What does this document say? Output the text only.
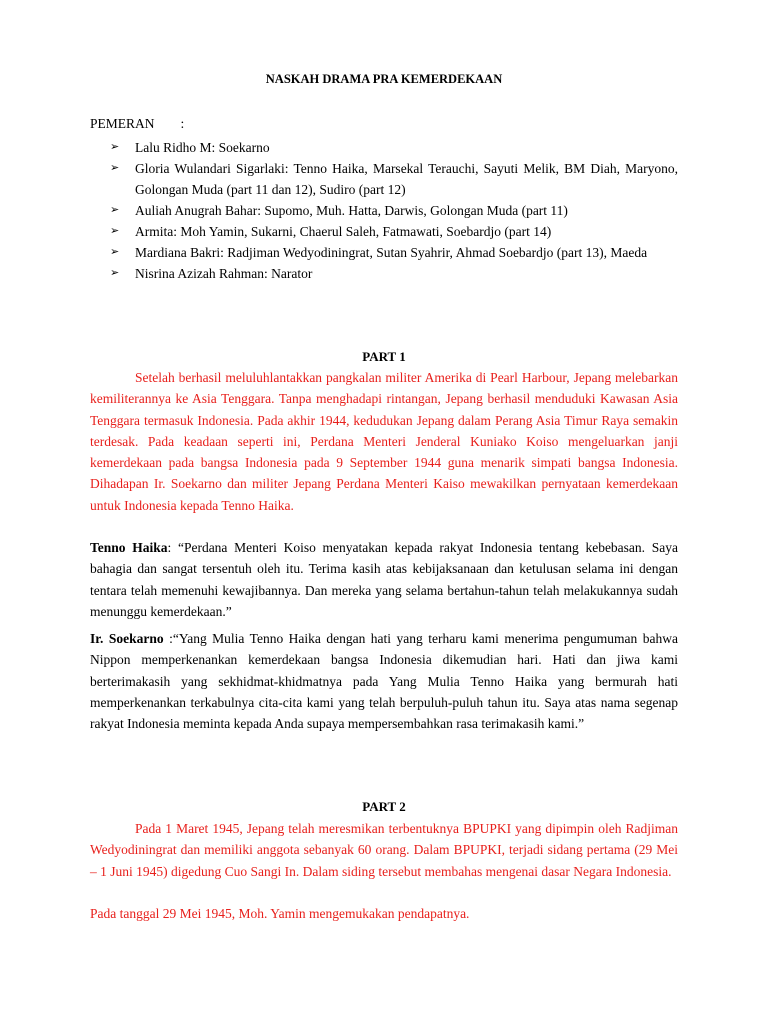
NASKAH DRAMA PRA KEMERDEKAAN
PEMERAN :
➢ Lalu Ridho M: Soekarno
➢ Gloria Wulandari Sigarlaki: Tenno Haika, Marsekal Terauchi, Sayuti Melik, BM Diah, Maryono, Golongan Muda (part 11 dan 12), Sudiro (part 12)
➢ Auliah Anugrah Bahar: Supomo, Muh. Hatta, Darwis, Golongan Muda (part 11)
➢ Armita: Moh Yamin, Sukarni, Chaerul Saleh, Fatmawati, Soebardjo (part 14)
➢ Mardiana Bakri: Radjiman Wedyodiningrat, Sutan Syahrir, Ahmad Soebardjo (part 13), Maeda
➢ Nisrina Azizah Rahman: Narator
PART 1

Setelah berhasil meluluhlantakkan pangkalan militer Amerika di Pearl Harbour, Jepang melebarkan kemiliterannya ke Asia Tenggara. Tanpa menghadapi rintangan, Jepang berhasil menduduki Kawasan Asia Tenggara termasuk Indonesia. Pada akhir 1944, kedudukan Jepang dalam Perang Asia Timur Raya semakin terdesak. Pada keadaan seperti ini, Perdana Menteri Jenderal Kuniako Koiso mengeluarkan janji kemerdekaan pada bangsa Indonesia pada 9 September 1944 guna menarik simpati bangsa Indonesia. Dihadapan Ir. Soekarno dan militer Jepang Perdana Menteri Kaiso mewakilkan pernyataan kemerdekaan untuk Indonesia kepada Tenno Haika.

Tenno Haika: “Perdana Menteri Koiso menyatakan kepada rakyat Indonesia tentang kebebasan. Saya bahagia dan sangat tersentuh oleh itu. Terima kasih atas kebijaksanaan dan ketulusan selama ini dengan tentara telah memenuhi kewajibannya. Dan mereka yang selama bertahun-tahun telah melakukannya sudah menunggu kemerdekaan.”

Ir. Soekarno :“Yang Mulia Tenno Haika dengan hati yang terharu kami menerima pengumuman bahwa Nippon memperkenankan kemerdekaan bangsa Indonesia dikemudian hari. Hati dan jiwa kami berterimakasih yang sekhidmat-khidmatnya pada Yang Mulia Tenno Haika yang bermurah hati memperkenankan terkabulnya cita-cita kami yang telah berpuluh-puluh tahun itu. Saya atas nama segenap rakyat Indonesia meminta kepada Anda supaya mempersembahkan rasa terimakasih kami.”

PART 2

Pada 1 Maret 1945, Jepang telah meresmikan terbentuknya BPUPKI yang dipimpin oleh Radjiman Wedyodiningrat dan memiliki anggota sebanyak 60 orang. Dalam BPUPKI, terjadi sidang pertama (29 Mei – 1 Juni 1945) digedung Cuo Sangi In. Dalam siding tersebut membahas mengenai dasar Negara Indonesia.

Pada tanggal 29 Mei 1945, Moh. Yamin mengemukakan pendapatnya.
